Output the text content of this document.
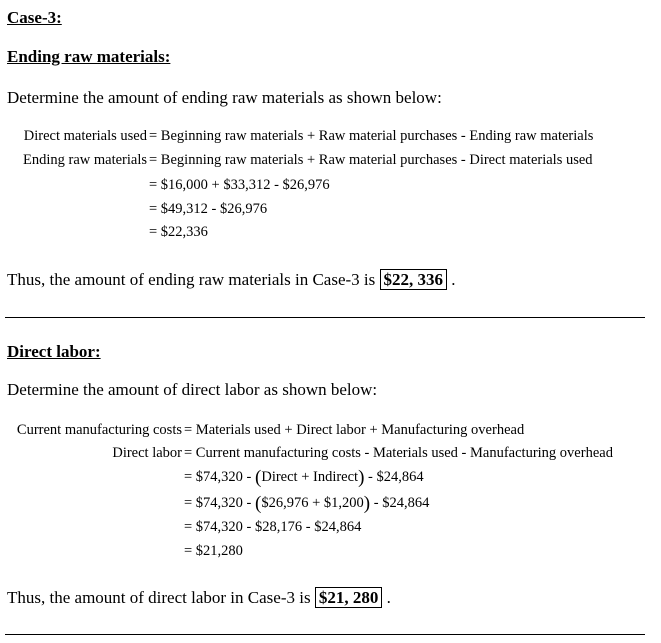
Case-3:
Ending raw materials:
Determine the amount of ending raw materials as shown below:
Direct materials used = Beginning raw materials + Raw material purchases - Ending raw materials
Ending raw materials = Beginning raw materials + Raw material purchases - Direct materials used
= $16,000 + $33,312 - $26,976
= $49,312 - $26,976
= $22,336
Thus, the amount of ending raw materials in Case-3 is $22, 336 .
Direct labor:
Determine the amount of direct labor as shown below:
Current manufacturing costs = Materials used + Direct labor + Manufacturing overhead
Direct labor = Current manufacturing costs - Materials used - Manufacturing overhead
= $74,320 - (Direct + Indirect) - $24,864
= $74,320 - ($26,976 + $1,200) - $24,864
= $74,320 - $28,176 - $24,864
= $21,280
Thus, the amount of direct labor in Case-3 is $21, 280 .
